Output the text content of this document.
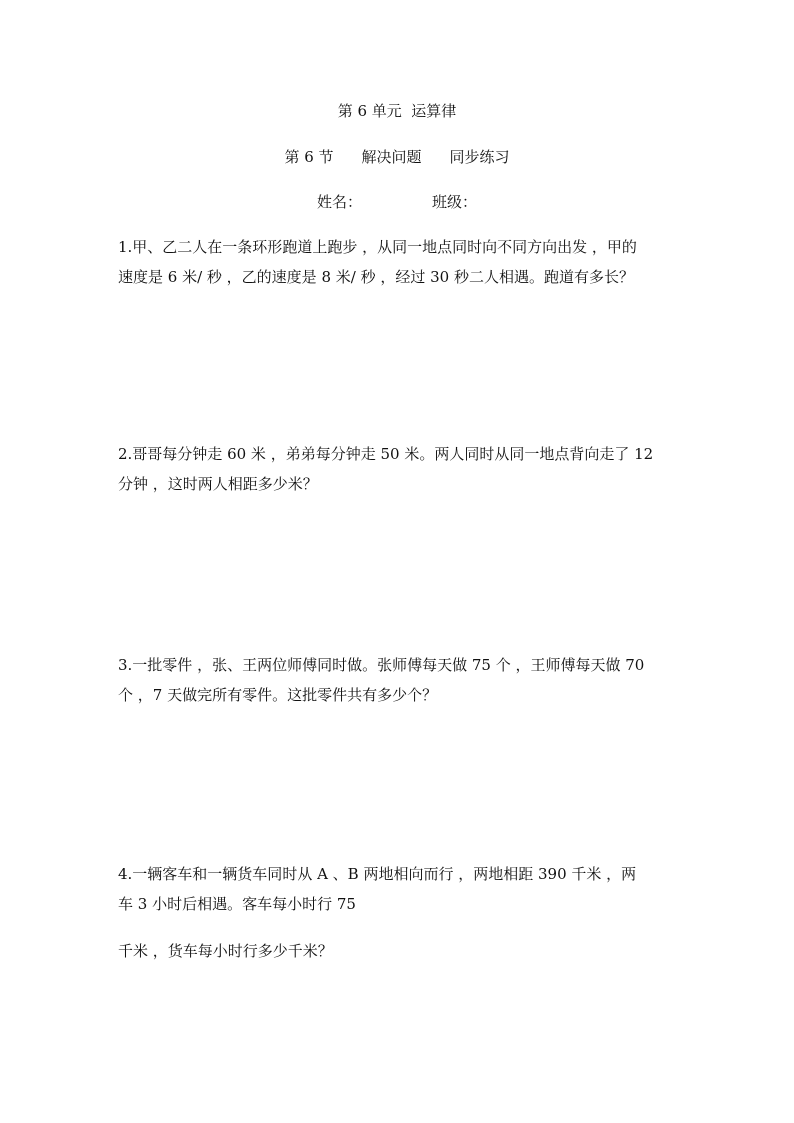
第 6 单元  运算律
第 6 节 解决问题 同步练习
姓名：	班级：
1.甲、乙二人在一条环形跑道上跑步 ，从同一地点同时向不同方向出发 ，甲的
速度是 6 米/ 秒 ，乙的速度是 8 米/ 秒 ，经过 30 秒二人相遇。跑道有多长？
2.哥哥每分钟走 60 米 ，弟弟每分钟走 50 米。两人同时从同一地点背向走了 12
分钟 ，这时两人相距多少米？
3.一批零件 ，张、王两位师傅同时做。张师傅每天做 75 个 ，王师傅每天做 70
个 ，7 天做完所有零件。这批零件共有多少个？
4.一辆客车和一辆货车同时从 A 、B 两地相向而行 ，两地相距 390 千米 ，两
车 3 小时后相遇。客车每小时行 75
千米 ，货车每小时行多少千米？
